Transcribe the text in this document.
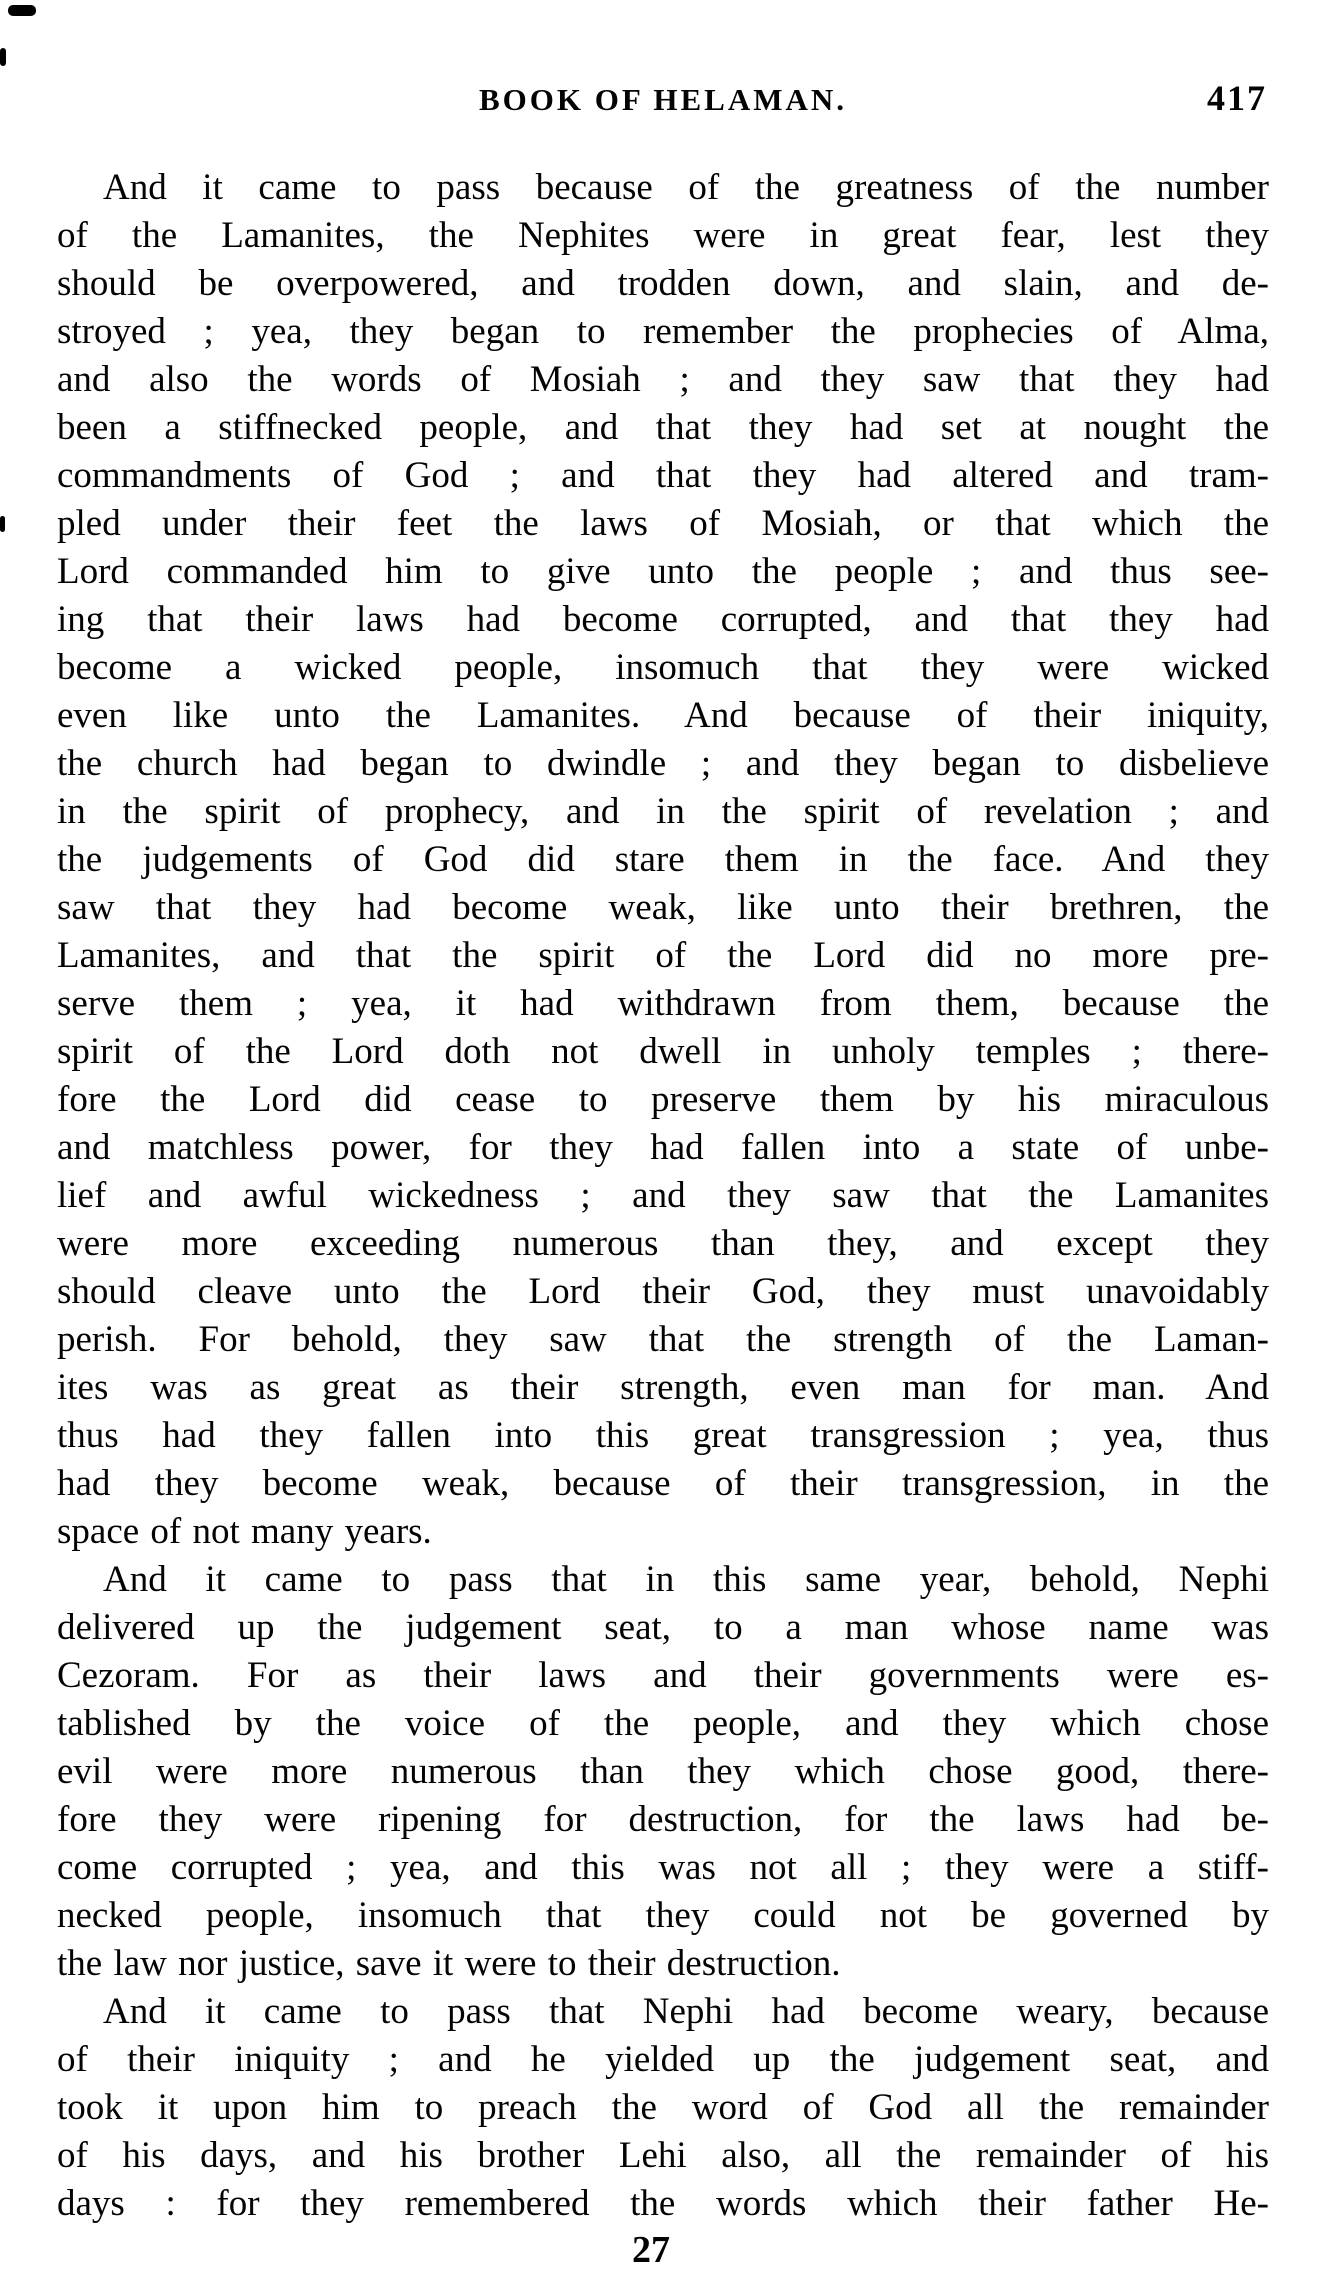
BOOK OF HELAMAN.	417
And it came to pass because of the greatness of the number
of the Lamanites, the Nephites were in great fear, lest they
should be overpowered, and trodden down, and slain, and de-
stroyed ; yea, they began to remember the prophecies of Alma,
and also the words of Mosiah ; and they saw that they had
been a stiffnecked people, and that they had set at nought the
commandments of God ; and that they had altered and tram-
pled under their feet the laws of Mosiah, or that which the
Lord commanded him to give unto the people ; and thus see-
ing that their laws had become corrupted, and that they had
become a wicked people, insomuch that they were wicked
even like unto the Lamanites. And because of their iniquity,
the church had began to dwindle ; and they began to disbelieve
in the spirit of prophecy, and in the spirit of revelation ; and
the judgements of God did stare them in the face. And they
saw that they had become weak, like unto their brethren, the
Lamanites, and that the spirit of the Lord did no more pre-
serve them ; yea, it had withdrawn from them, because the
spirit of the Lord doth not dwell in unholy temples ; there-
fore the Lord did cease to preserve them by his miraculous
and matchless power, for they had fallen into a state of unbe-
lief and awful wickedness ; and they saw that the Lamanites
were more exceeding numerous than they, and except they
should cleave unto the Lord their God, they must unavoidably
perish. For behold, they saw that the strength of the Laman-
ites was as great as their strength, even man for man. And
thus had they fallen into this great transgression ; yea, thus
had they become weak, because of their transgression, in the
space of not many years.
And it came to pass that in this same year, behold, Nephi
delivered up the judgement seat, to a man whose name was
Cezoram. For as their laws and their governments were es-
tablished by the voice of the people, and they which chose
evil were more numerous than they which chose good, there-
fore they were ripening for destruction, for the laws had be-
come corrupted ; yea, and this was not all ; they were a stiff-
necked people, insomuch that they could not be governed by
the law nor justice, save it were to their destruction.
And it came to pass that Nephi had become weary, because
of their iniquity ; and he yielded up the judgement seat, and
took it upon him to preach the word of God all the remainder
of his days, and his brother Lehi also, all the remainder of his
days : for they remembered the words which their father He-
27
